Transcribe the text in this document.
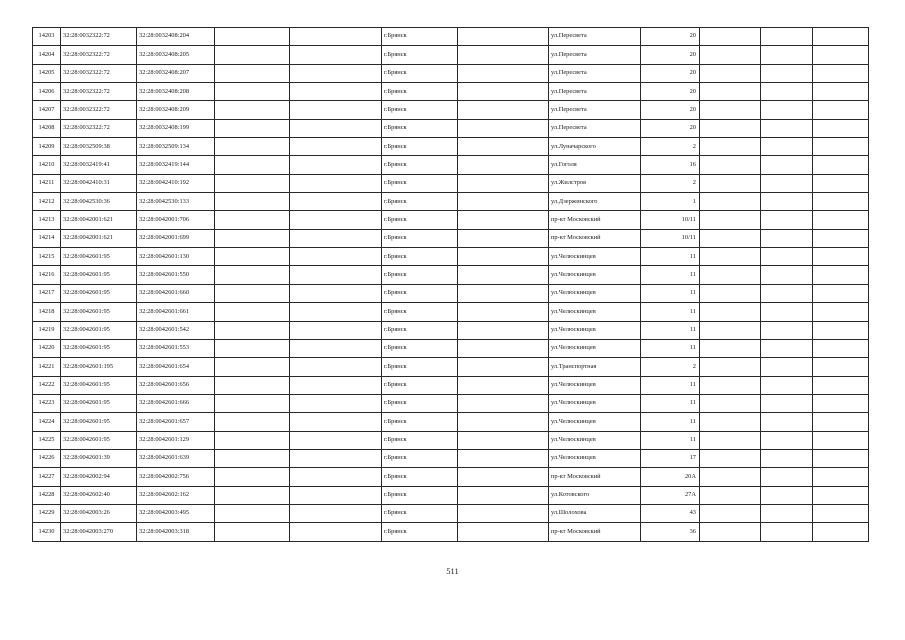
14203	32:28:0032322:72	32:28:0032408:204			г.Брянск		ул.Пересвета	20			
14204	32:28:0032322:72	32:28:0032408:205			г.Брянск		ул.Пересвета	20			
14205	32:28:0032322:72	32:28:0032408:207			г.Брянск		ул.Пересвета	20			
14206	32:28:0032322:72	32:28:0032408:208			г.Брянск		ул.Пересвета	20			
14207	32:28:0032322:72	32:28:0032408:209			г.Брянск		ул.Пересвета	20			
14208	32:28:0032322:72	32:28:0032408:199			г.Брянск		ул.Пересвета	20			
14209	32:28:0032509:38	32:28:0032509:134			г.Брянск		ул.Луначарского	2			
14210	32:28:0032419:41	32:28:0032419:144			г.Брянск		ул.Гоголя	16			
14211	32:28:0042410:31	32:28:0042410:192			г.Брянск		ул.Жилстроя	2			
14212	32:28:0042530:36	32:28:0042530:133			г.Брянск		ул.Дзержинского	1			
14213	32:28:0042001:621	32:28:0042001:706			г.Брянск		пр-кт Московский	10/11			
14214	32:28:0042001:621	32:28:0042001:699			г.Брянск		пр-кт Московский	10/11			
14215	32:28:0042601:95	32:28:0042601:130			г.Брянск		ул.Челюскинцев	11			
14216	32:28:0042601:95	32:28:0042601:550			г.Брянск		ул.Челюскинцев	11			
14217	32:28:0042601:95	32:28:0042601:660			г.Брянск		ул.Челюскинцев	11			
14218	32:28:0042601:95	32:28:0042601:661			г.Брянск		ул.Челюскинцев	11			
14219	32:28:0042601:95	32:28:0042601:542			г.Брянск		ул.Челюскинцев	11			
14220	32:28:0042601:95	32:28:0042601:553			г.Брянск		ул.Челюскинцев	11			
14221	32:28:0042601:195	32:28:0042601:654			г.Брянск		ул.Транспортная	2			
14222	32:28:0042601:95	32:28:0042601:656			г.Брянск		ул.Челюскинцев	11			
14223	32:28:0042601:95	32:28:0042601:666			г.Брянск		ул.Челюскинцев	11			
14224	32:28:0042601:95	32:28:0042601:657			г.Брянск		ул.Челюскинцев	11			
14225	32:28:0042601:95	32:28:0042601:129			г.Брянск		ул.Челюскинцев	11			
14226	32:28:0042601:39	32:28:0042601:639			г.Брянск		ул.Челюскинцев	17			
14227	32:28:0042002:94	32:28:0042002:756			г.Брянск		пр-кт Московский	20А			
14228	32:28:0042602:40	32:28:0042602:162			г.Брянск		ул.Котовского	27А			
14229	32:28:0042003:26	32:28:0042003:495			г.Брянск		ул.Шолохова	43			
14230	32:28:0042003:270	32:28:0042003:318			г.Брянск		пр-кт Московский	36			
511
